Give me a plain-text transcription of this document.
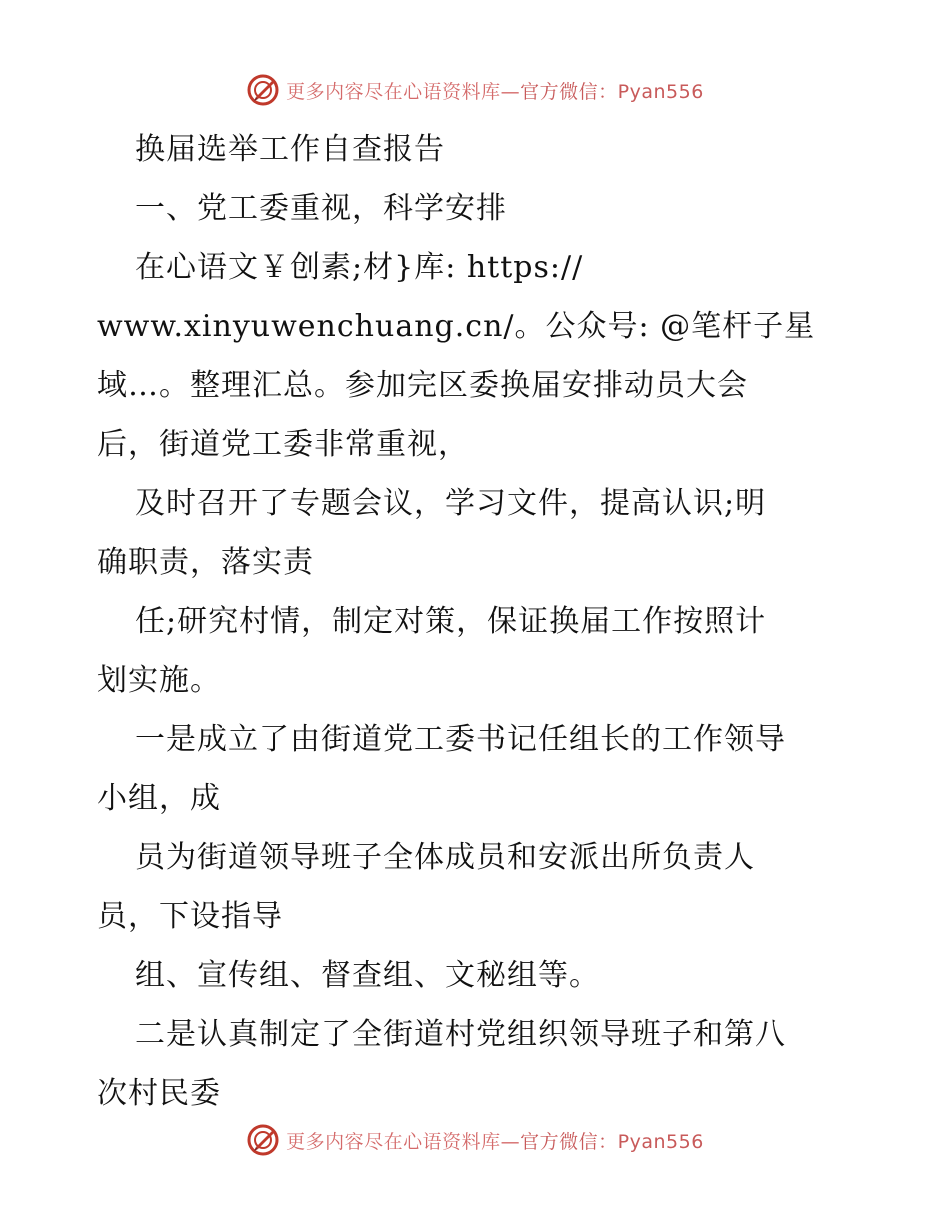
更多内容尽在心语资料库—官方微信：Pyan556
换届选举工作自查报告
一、党工委重视，科学安排
在心语文￥创素;材}库: https://
www.xinyuwenchuang.cn/。公众号: @笔杆子星
域…。整理汇总。参加完区委换届安排动员大会
后，街道党工委非常重视，
及时召开了专题会议，学习文件，提高认识;明
确职责，落实责
任;研究村情，制定对策，保证换届工作按照计
划实施。
一是成立了由街道党工委书记任组长的工作领导
小组，成
员为街道领导班子全体成员和安派出所负责人
员，下设指导
组、宣传组、督查组、文秘组等。
二是认真制定了全街道村党组织领导班子和第八
次村民委
更多内容尽在心语资料库—官方微信：Pyan556
